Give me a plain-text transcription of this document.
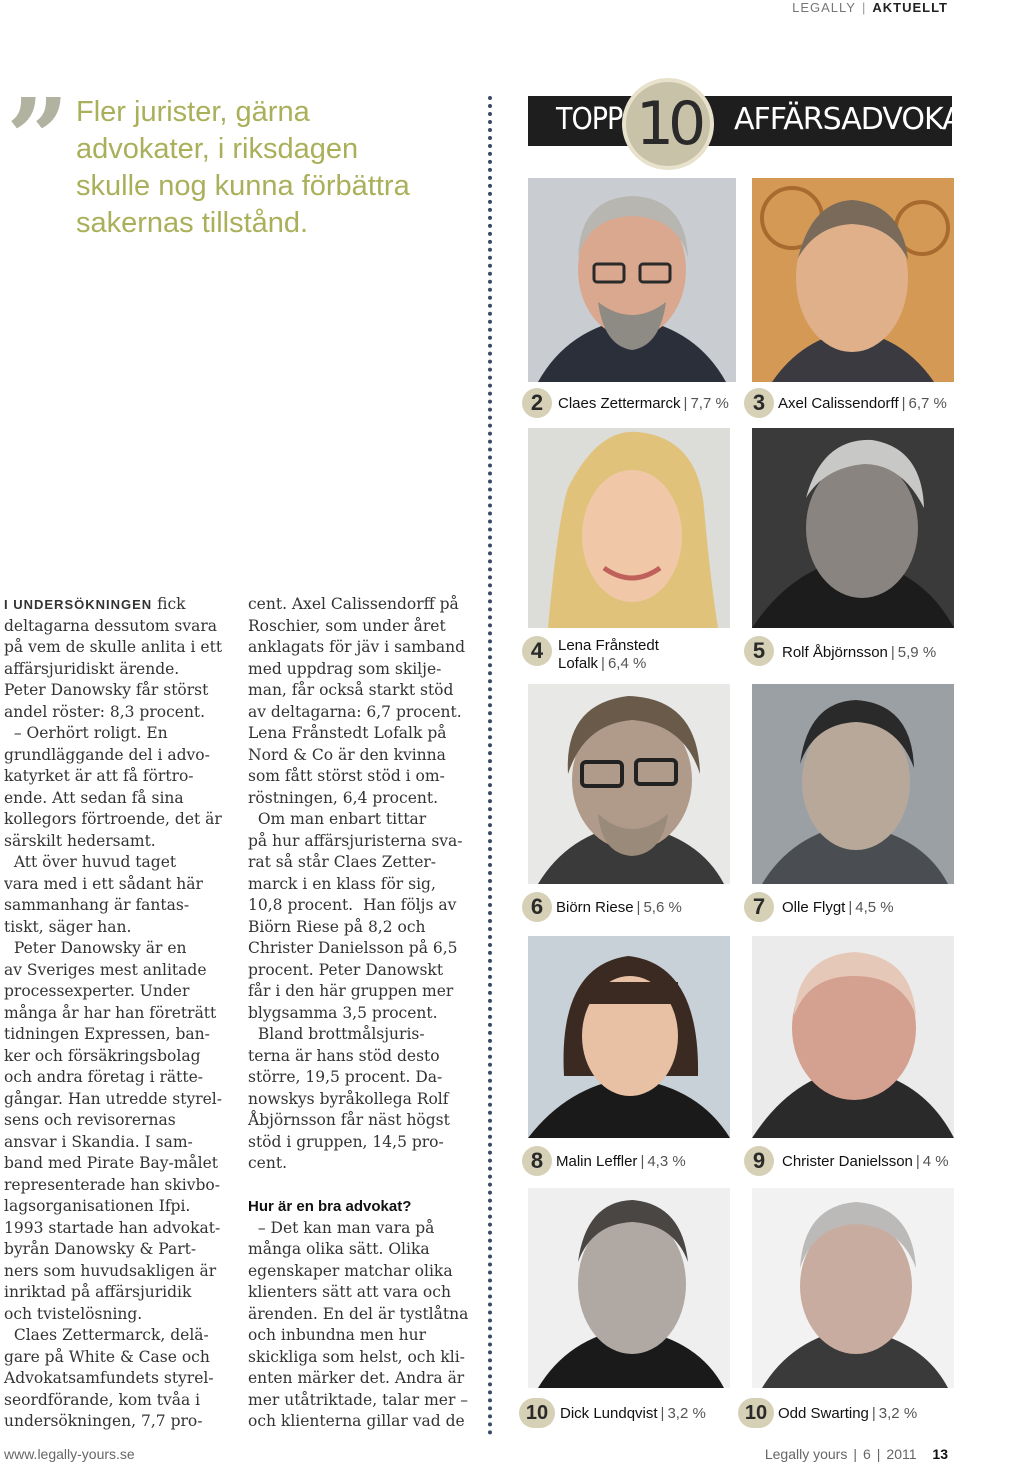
LEGALLY | AKTUELLT
” Fler jurister, gärna
advokater, i riksdagen
skulle nog kunna förbättra
sakernas tillstånd.
TOPP 10	AFFÄRSADVOKATER
2 Claes Zettermarck | 7,7 %	3 Axel Calissendorff | 6,7 %
4 Lena Frånstedt
Lofalk | 6,4 %
5	Rolf Åbjörnsson | 5,9 %
6 Biörn Riese | 5,6 %	7	Olle Flygt | 4,5 %
8 Malin Leffler | 4,3 %	9	Christer Danielsson | 4 %
10 Dick Lundqvist | 3,2 %	10 Odd Swarting | 3,2 %
I UNDERSÖKNINGEN fick
deltagarna dessutom svara
på vem de skulle anlita i ett
affärsjuridiskt ärende.
Peter Danowsky får störst
andel röster: 8,3 procent.
– Oerhört roligt. En
grundläggande del i advo-
katyrket är att få förtro-
ende. Att sedan få sina
kollegors förtroende, det är
särskilt hedersamt.
Att över huvud taget
vara med i ett sådant här
sammanhang är fantas-
tiskt, säger han.
Peter Danowsky är en
av Sveriges mest anlitade
processexperter. Under
många år har han företrätt
tidningen Expressen, ban-
ker och försäkringsbolag
och andra företag i rätte-
gångar. Han utredde styrel-
sens och revisorernas
ansvar i Skandia. I sam-
band med Pirate Bay-målet
representerade han skivbo-
lagsorganisationen Ifpi.
1993 startade han advokat-
byrån Danowsky & Part-
ners som huvudsakligen är
inriktad på affärsjuridik
och tvistelösning.
Claes Zettermarck, delä-
gare på White & Case och
Advokatsamfundets styrel-
seordförande, kom tvåa i
undersökningen, 7,7 pro-
cent. Axel Calissendorff på
Roschier, som under året
anklagats för jäv i samband
med uppdrag som skilje-
man, får också starkt stöd
av deltagarna: 6,7 procent.
Lena Frånstedt Lofalk på
Nord & Co är den kvinna
som fått störst stöd i om-
röstningen, 6,4 procent.
Om man enbart tittar
på hur affärsjuristerna sva-
rat så står Claes Zetter-
marck i en klass för sig,
10,8 procent.  Han följs av
Biörn Riese på 8,2 och
Christer Danielsson på 6,5
procent. Peter Danowskt
får i den här gruppen mer
blygsamma 3,5 procent.
Bland brottmålsjuris-
terna är hans stöd desto
större, 19,5 procent. Da-
nowskys byråkollega Rolf
Åbjörnsson får näst högst
stöd i gruppen, 14,5 pro-
cent.
Hur är en bra advokat?
– Det kan man vara på
många olika sätt. Olika
egenskaper matchar olika
klienters sätt att vara och
ärenden. En del är tystlåtna
och inbundna men hur
skickliga som helst, och kli-
enten märker det. Andra är
mer utåtriktade, talar mer –
och klienterna gillar vad de
www.legally-yours.se	Legally yours | 6 | 2011 13
